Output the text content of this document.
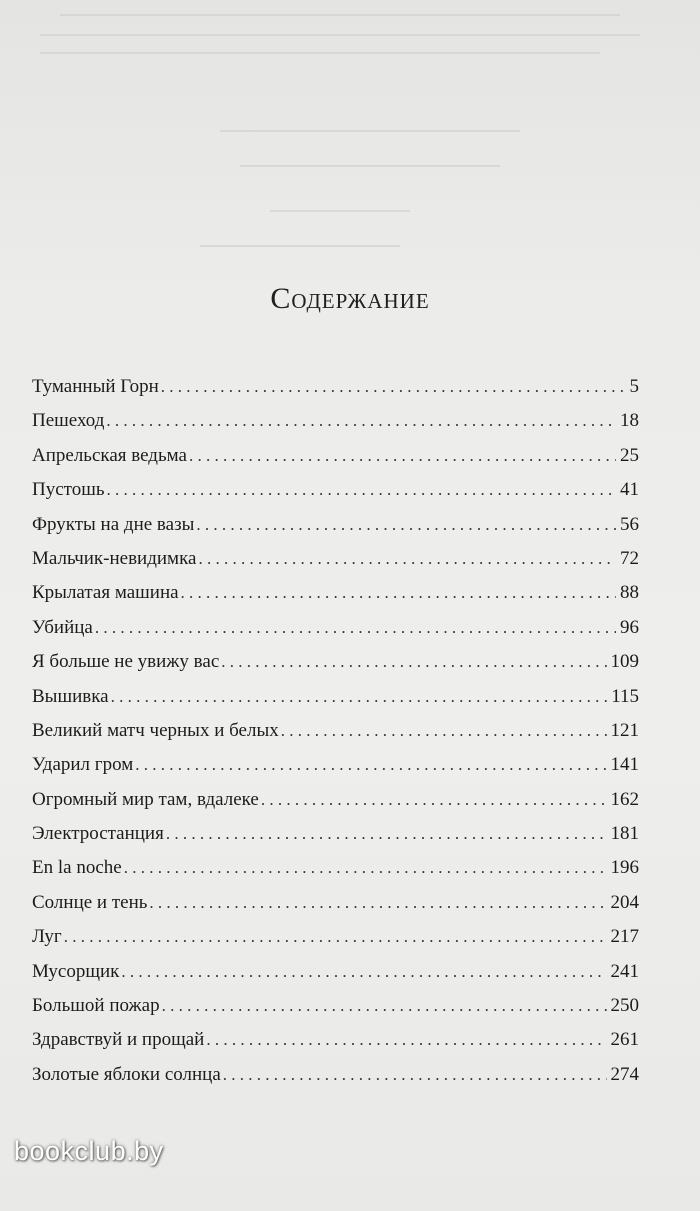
Содержание
Туманный Горн . . .	5
Пешеход . . .	18
Апрельская ведьма . . .	25
Пустошь . . .	41
Фрукты на дне вазы . . .	56
Мальчик-невидимка . . .	72
Крылатая машина . . .	88
Убийца . . .	96
Я больше не увижу вас . . .	109
Вышивка . . .	115
Великий матч черных и белых . . .	121
Ударил гром . . .	141
Огромный мир там, вдалеке . . .	162
Электростанция . . .	181
En la noche . . .	196
Солнце и тень . . .	204
Луг . . .	217
Мусорщик . . .	241
Большой пожар . . .	250
Здравствуй и прощай . . .	261
Золотые яблоки солнца . . .	274
bookclub.by
